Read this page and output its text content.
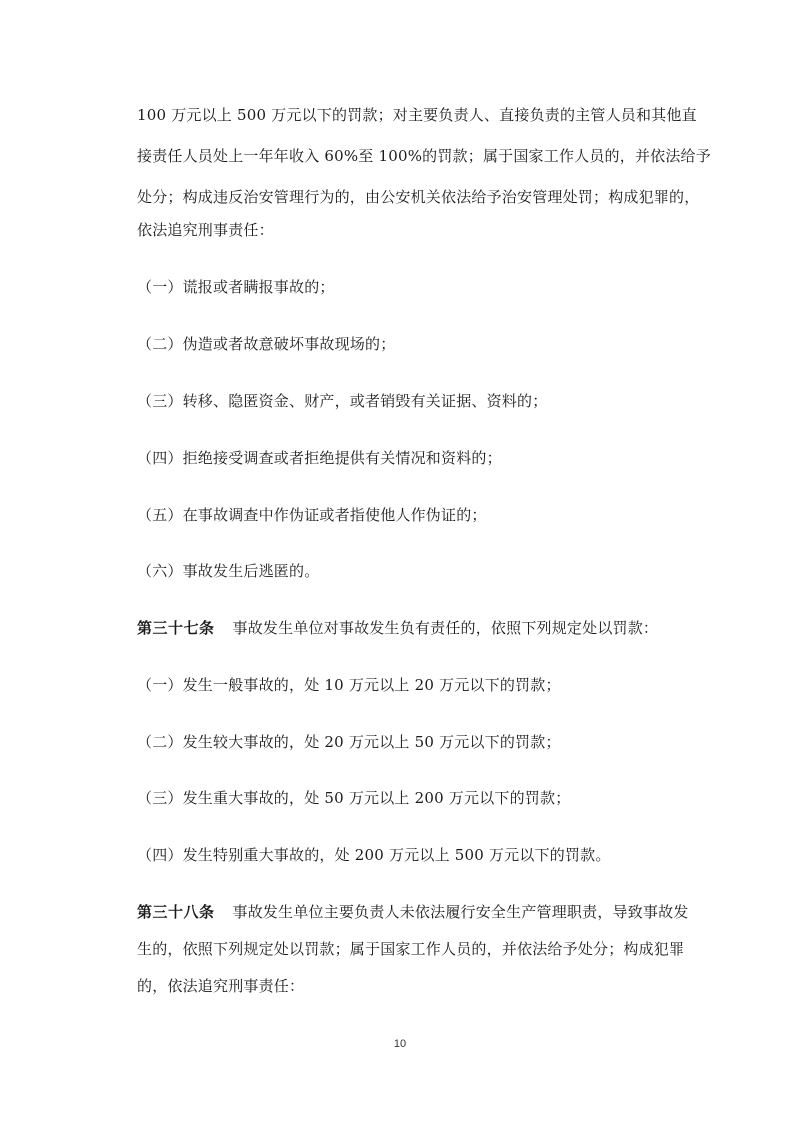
100 万元以上 500 万元以下的罚款；对主要负责人、直接负责的主管人员和其他直
接责任人员处上一年年收入 60%至 100%的罚款；属于国家工作人员的，并依法给予
处分；构成违反治安管理行为的，由公安机关依法给予治安管理处罚；构成犯罪的，
依法追究刑事责任：
（一）谎报或者瞒报事故的；
（二）伪造或者故意破坏事故现场的；
（三）转移、隐匿资金、财产，或者销毁有关证据、资料的；
（四）拒绝接受调查或者拒绝提供有关情况和资料的；
（五）在事故调查中作伪证或者指使他人作伪证的；
（六）事故发生后逃匿的。
第三十七条 事故发生单位对事故发生负有责任的，依照下列规定处以罚款：
（一）发生一般事故的，处 10 万元以上 20 万元以下的罚款；
（二）发生较大事故的，处 20 万元以上 50 万元以下的罚款；
（三）发生重大事故的，处 50 万元以上 200 万元以下的罚款；
（四）发生特别重大事故的，处 200 万元以上 500 万元以下的罚款。
第三十八条 事故发生单位主要负责人未依法履行安全生产管理职责，导致事故发
生的，依照下列规定处以罚款；属于国家工作人员的，并依法给予处分；构成犯罪
的，依法追究刑事责任：
10
